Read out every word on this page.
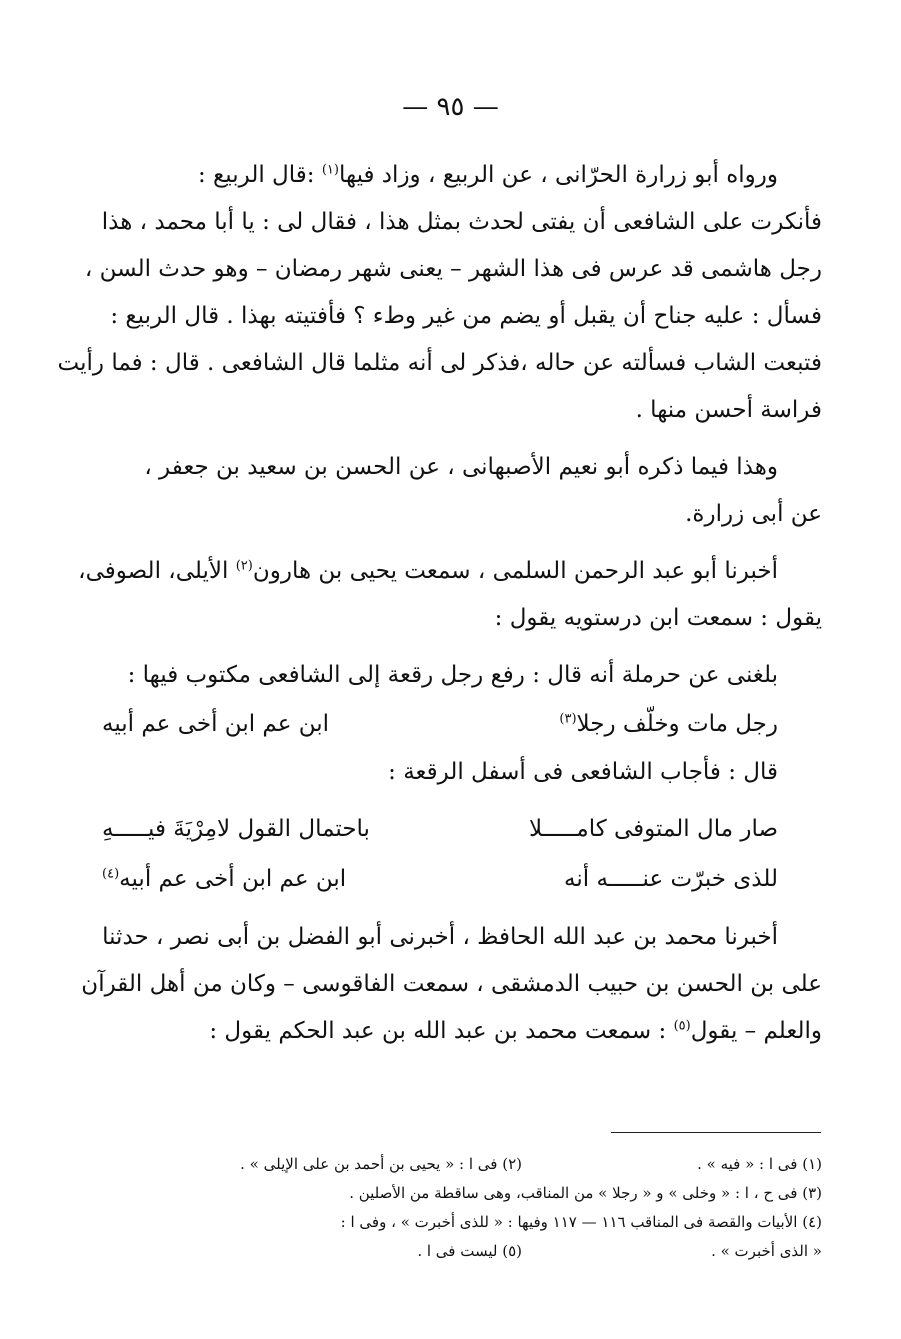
— ٩٥ —
ورواه أبو زرارة الحرّانى ، عن الربيع ، وزاد فيها$^{(١)}$ :قال الربيع :
فأنكرت على الشافعى أن يفتى لحدث بمثل هذا ، فقال لى : يا أبا محمد ، هذا
رجل هاشمى قد عرس فى هذا الشهر – يعنى شهر رمضان – وهو حدث السن ،
فسأل : عليه جناح أن يقبل أو يضم من غير وطء ؟ فأفتيته بهذا . قال الربيع :
فتبعت الشاب فسألته عن حاله ،فذكر لى أنه مثلما قال الشافعى . قال : فما رأيت
فراسة أحسن منها .
وهذا فيما ذكره أبو نعيم الأصبهانى ، عن الحسن بن سعيد بن جعفر ،
عن أبى زرارة.
أخبرنا أبو عبد الرحمن السلمى ، سمعت يحيى بن هارون$^{(٢)}$ الأيلى، الصوفى،
يقول : سمعت ابن درستويه يقول :
بلغنى عن حرملة أنه قال : رفع رجل رقعة إلى الشافعى مكتوب فيها :
رجل مات وخلّف رجلا$^{(٣)}$
ابن عم ابن أخى عم أبيه
قال : فأجاب الشافعى فى أسفل الرقعة :
صار مال المتوفى كامـــــلا
باحتمال القول لامِرْيَةَ فيـــــهِ
للذى خبرّت عنـــــه أنه
ابن عم ابن أخى عم أبيه$^{(٤)}$
أخبرنا محمد بن عبد الله الحافظ ، أخبرنى أبو الفضل بن أبى نصر ، حدثنا
على بن الحسن بن حبيب الدمشقى ، سمعت الفاقوسى – وكان من أهل القرآن
والعلم – يقول$^{(٥)}$ : سمعت محمد بن عبد الله بن عبد الحكم يقول :
(١) فى ا : « فيه » .
(٢) فى ا : « يحيى بن أحمد بن على الإيلى » .
(٣) فى ح ، ا : « وخلى » و « رجلا » من المناقب، وهى ساقطة من الأصلين .
(٤) الأبيات والقصة فى المناقب ١١٦ — ١١٧ وفيها : « للذى أخبرت » ، وفى ا :
« الذى أخبرت » .
(٥) ليست فى ا .
